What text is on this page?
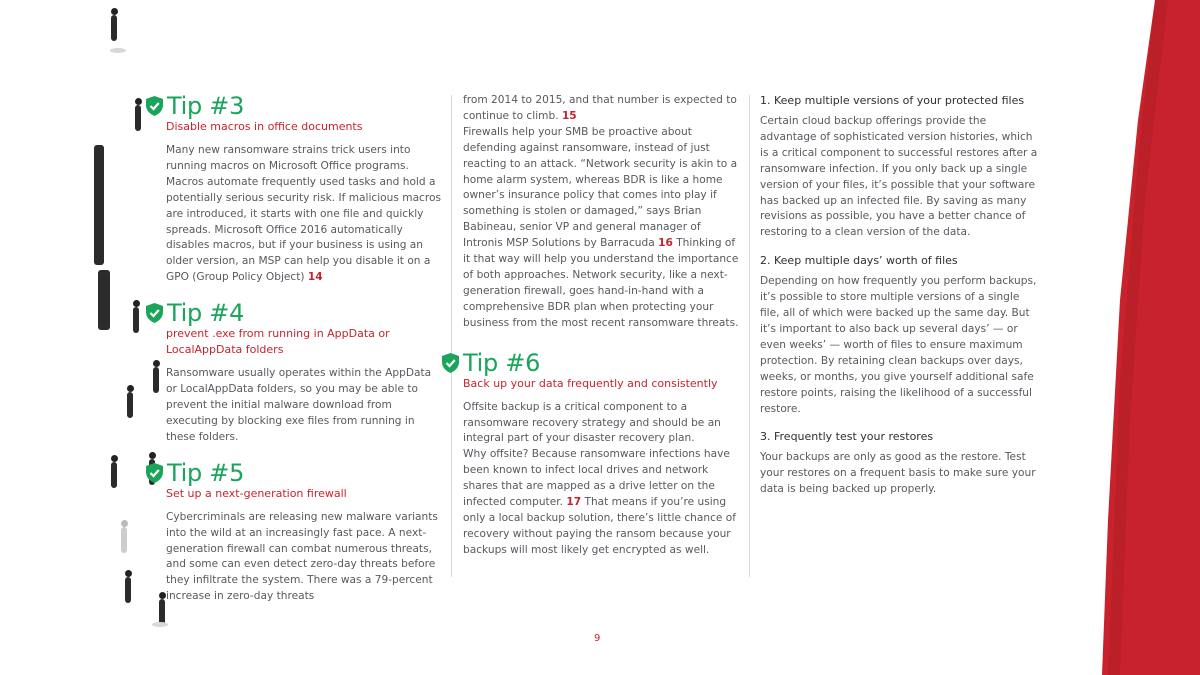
Tip #3
Disable macros in office documents

Many new ransomware strains trick users into running macros on Microsoft Office programs. Macros automate frequently used tasks and hold a potentially serious security risk. If malicious macros are introduced, it starts with one file and quickly spreads. Microsoft Office 2016 automatically disables macros, but if your business is using an older version, an MSP can help you disable it on a GPO (Group Policy Object) 14

Tip #4
prevent .exe from running in AppData or LocalAppData folders

Ransomware usually operates within the AppData or LocalAppData folders, so you may be able to prevent the initial malware download from executing by blocking exe files from running in these folders.

Tip #5
Set up a next-generation firewall

Cybercriminals are releasing new malware variants into the wild at an increasingly fast pace. A next- generation firewall can combat numerous threats, and some can even detect zero-day threats before they infiltrate the system. There was a 79-percent increase in zero-day threats

from 2014 to 2015, and that number is expected to continue to climb. 15

Firewalls help your SMB be proactive about defending against ransomware, instead of just reacting to an attack. “Network security is akin to a home alarm system, whereas BDR is like a home owner’s insurance policy that comes into play if something is stolen or damaged,” says Brian Babineau, senior VP and general manager of Intronis MSP Solutions by Barracuda 16 Thinking of it that way will help you understand the importance of both approaches. Network security, like a next-generation firewall, goes hand-in-hand with a comprehensive BDR plan when protecting your business from the most recent ransomware threats.

Tip #6
Back up your data frequently and consistently

Offsite backup is a critical component to a ransomware recovery strategy and should be an integral part of your disaster recovery plan.

Why offsite? Because ransomware infections have been known to infect local drives and network shares that are mapped as a drive letter on the infected computer. 17 That means if you’re using only a local backup solution, there’s little chance of recovery without paying the ransom because your backups will most likely get encrypted as well.

1. Keep multiple versions of your protected files

Certain cloud backup offerings provide the advantage of sophisticated version histories, which is a critical component to successful restores after a ransomware infection. If you only back up a single version of your files, it’s possible that your software has backed up an infected file. By saving as many revisions as possible, you have a better chance of restoring to a clean version of the data.

2. Keep multiple days’ worth of files

Depending on how frequently you perform backups, it’s possible to store multiple versions of a single file, all of which were backed up the same day. But it’s important to also back up several days’ — or even weeks’ — worth of files to ensure maximum protection. By retaining clean backups over days, weeks, or months, you give yourself additional safe restore points, raising the likelihood of a successful restore.

3. Frequently test your restores

Your backups are only as good as the restore. Test your restores on a frequent basis to make sure your data is being backed up properly.

9
